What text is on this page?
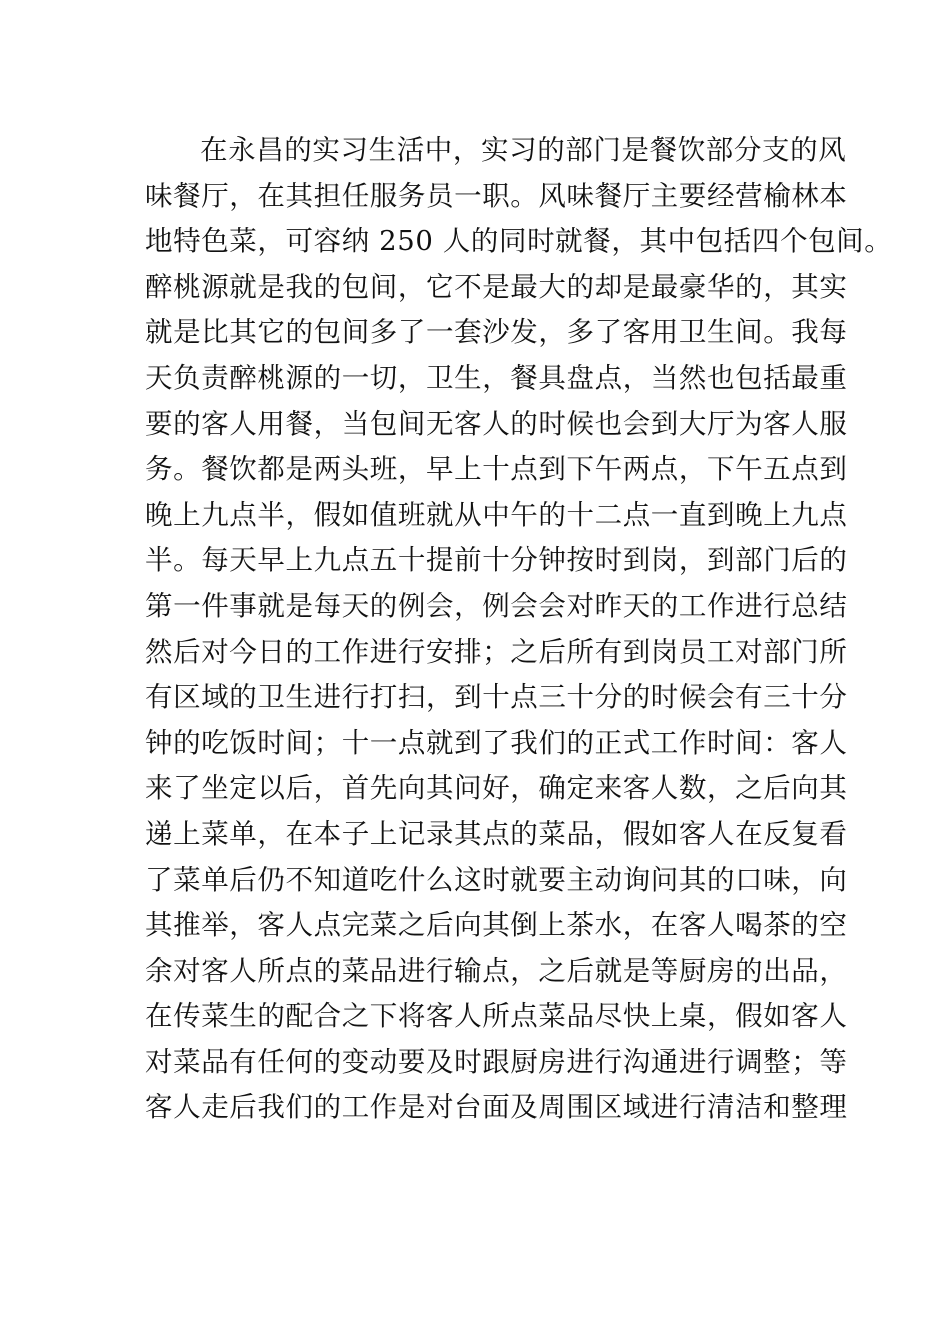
在永昌的实习生活中，实习的部门是餐饮部分支的风
味餐厅，在其担任服务员一职。风味餐厅主要经营榆林本
地特色菜，可容纳 250 人的同时就餐，其中包括四个包间。
醉桃源就是我的包间，它不是最大的却是最豪华的，其实
就是比其它的包间多了一套沙发，多了客用卫生间。我每
天负责醉桃源的一切，卫生，餐具盘点，当然也包括最重
要的客人用餐，当包间无客人的时候也会到大厅为客人服
务。餐饮都是两头班，早上十点到下午两点，下午五点到
晚上九点半，假如值班就从中午的十二点一直到晚上九点
半。每天早上九点五十提前十分钟按时到岗，到部门后的
第一件事就是每天的例会，例会会对昨天的工作进行总结
然后对今日的工作进行安排；之后所有到岗员工对部门所
有区域的卫生进行打扫，到十点三十分的时候会有三十分
钟的吃饭时间；十一点就到了我们的正式工作时间：客人
来了坐定以后，首先向其问好，确定来客人数，之后向其
递上菜单，在本子上记录其点的菜品，假如客人在反复看
了菜单后仍不知道吃什么这时就要主动询问其的口味，向
其推举，客人点完菜之后向其倒上茶水，在客人喝茶的空
余对客人所点的菜品进行输点，之后就是等厨房的出品，
在传菜生的配合之下将客人所点菜品尽快上桌，假如客人
对菜品有任何的变动要及时跟厨房进行沟通进行调整；等
客人走后我们的工作是对台面及周围区域进行清洁和整理
